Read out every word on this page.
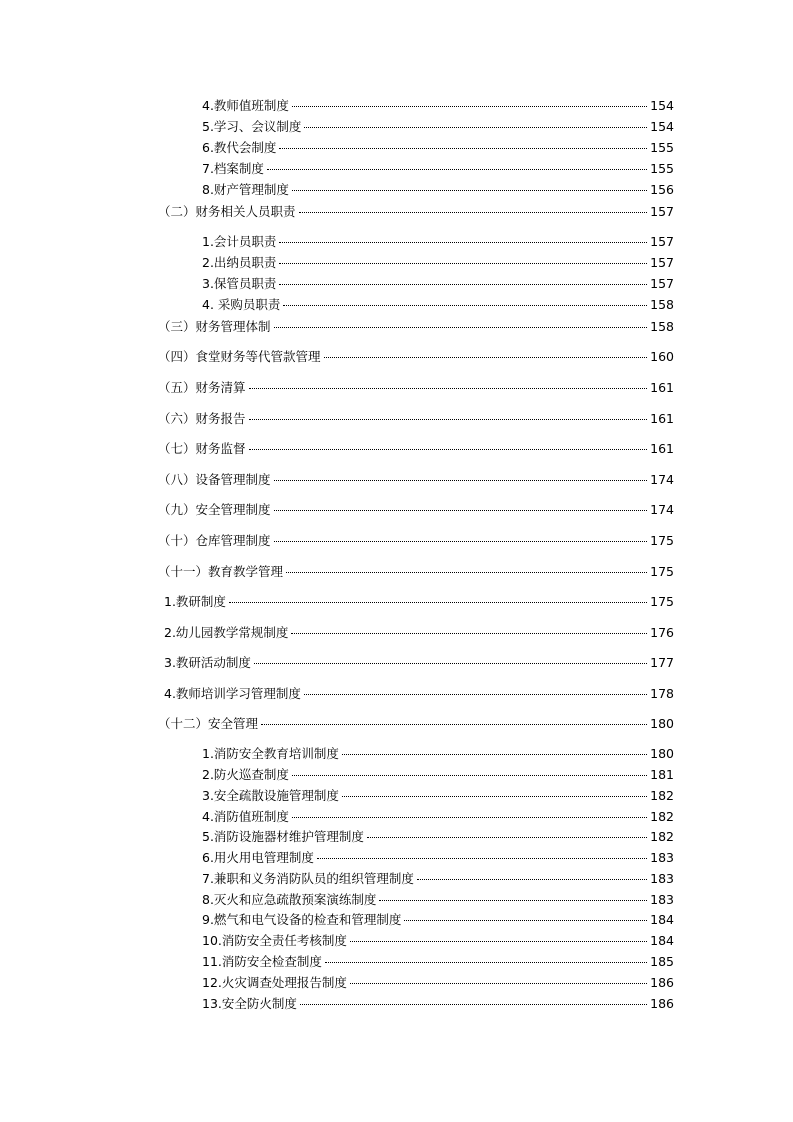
4.教师值班制度	154
5.学习、会议制度	154
6.教代会制度	155
7.档案制度	155
8.财产管理制度	156
（二）财务相关人员职责	157
1.会计员职责	157
2.出纳员职责	157
3.保管员职责	157
4. 采购员职责	158
（三）财务管理体制	158
（四）食堂财务等代管款管理	160
（五）财务清算	161
（六）财务报告	161
（七）财务监督	161
（八）设备管理制度	174
（九）安全管理制度	174
（十）仓库管理制度	175
（十一）教育教学管理	175
1.教研制度	175
2.幼儿园教学常规制度	176
3.教研活动制度	177
4.教师培训学习管理制度	178
（十二）安全管理	180
1.消防安全教育培训制度	180
2.防火巡查制度	181
3.安全疏散设施管理制度	182
4.消防值班制度	182
5.消防设施器材维护管理制度	182
6.用火用电管理制度	183
7.兼职和义务消防队员的组织管理制度	183
8.灭火和应急疏散预案演练制度	183
9.燃气和电气设备的检查和管理制度	184
10.消防安全责任考核制度	184
11.消防安全检查制度	185
12.火灾调查处理报告制度	186
13.安全防火制度	186
